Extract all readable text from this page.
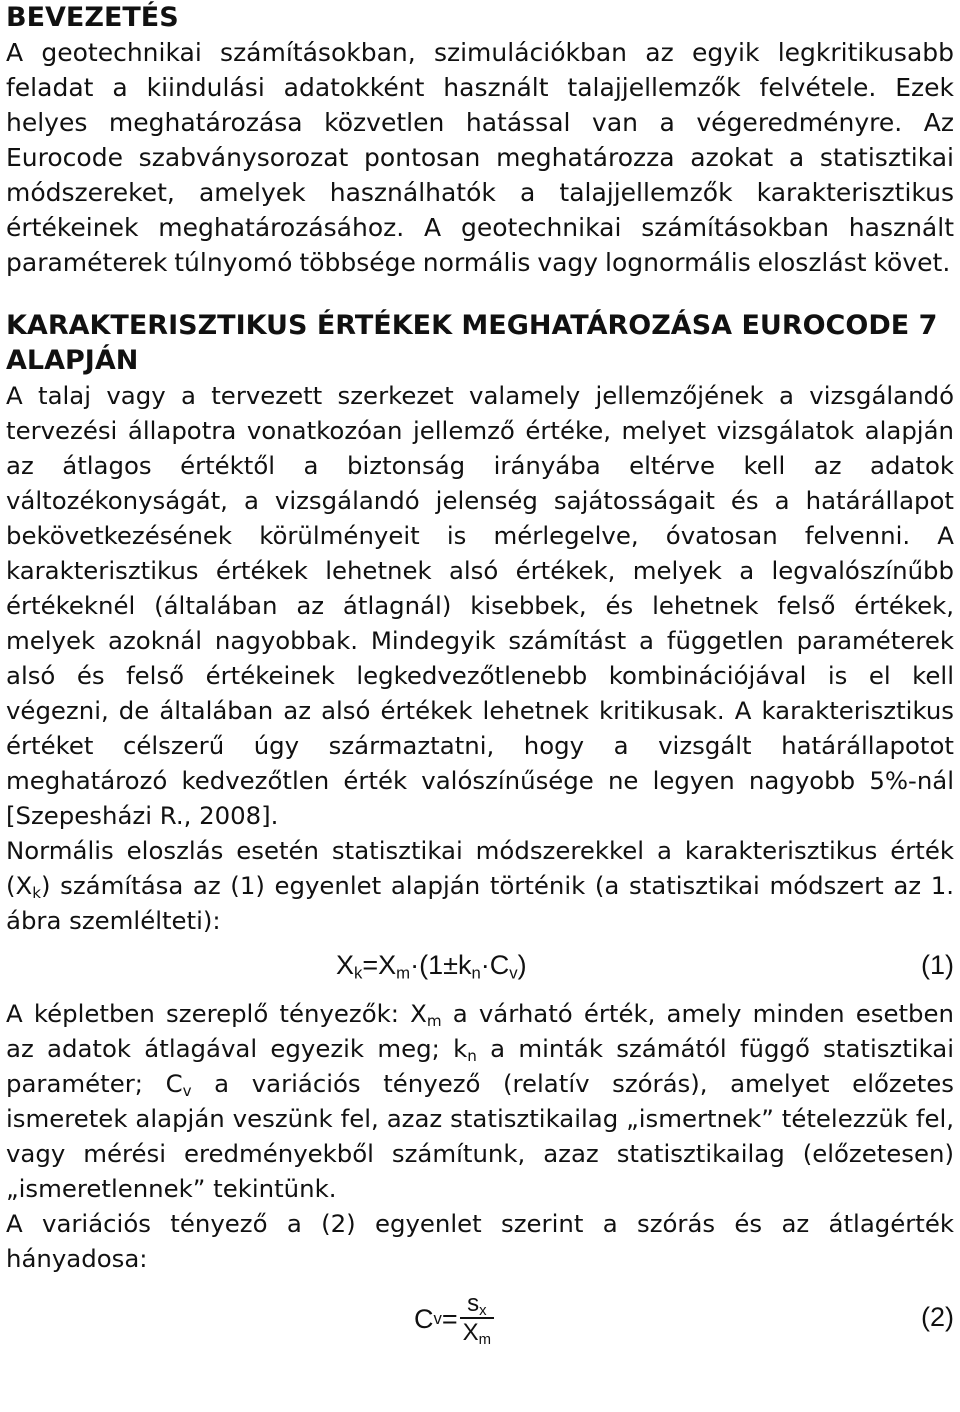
BEVEZETÉS

A geotechnikai számításokban, szimulációkban az egyik legkritikusabb feladat a kiindulási adatokként használt talajjellemzők felvétele. Ezek helyes meghatározása közvetlen hatással van a végeredményre. Az Eurocode szabványsorozat pontosan meghatározza azokat a statisztikai módszereket, amelyek használhatók a talajjellemzők karakterisztikus értékeinek meghatározásához. A geotechnikai számításokban használt paraméterek túlnyomó többsége normális vagy lognormális eloszlást követ.

KARAKTERISZTIKUS ÉRTÉKEK MEGHATÁROZÁSA EUROCODE 7 ALAPJÁN

A talaj vagy a tervezett szerkezet valamely jellemzőjének a vizsgálandó tervezési állapotra vonatkozóan jellemző értéke, melyet vizsgálatok alapján az átlagos értéktől a biztonság irányába eltérve kell az adatok változékonyságát, a vizsgálandó jelenség sajátosságait és a határállapot bekövetkezésének körülményeit is mérlegelve, óvatosan felvenni. A karakterisztikus értékek lehetnek alsó értékek, melyek a legvalószínűbb értékeknél (általában az átlagnál) kisebbek, és lehetnek felső értékek, melyek azoknál nagyobbak. Mindegyik számítást a független paraméterek alsó és felső értékeinek legkedvezőtlenebb kombinációjával is el kell végezni, de általában az alsó értékek lehetnek kritikusak. A karakterisztikus értéket célszerű úgy származtatni, hogy a vizsgált határállapotot meghatározó kedvezőtlen érték valószínűsége ne legyen nagyobb 5%-nál [Szepesházi R., 2008].

Normális eloszlás esetén statisztikai módszerekkel a karakterisztikus érték $(X_k)$ számítása az (1) egyenlet alapján történik (a statisztikai módszert az 1. ábra szemlélteti):

$X_k=X_m\cdot(1\pm k_n\cdot C_v)$	(1)

A képletben szereplő tényezők: $X_m$ a várható érték, amely minden esetben az adatok átlagával egyezik meg; $k_n$ a minták számától függő statisztikai paraméter; $C_v$ a variációs tényező (relatív szórás), amelyet előzetes ismeretek alapján veszünk fel, azaz statisztikailag „ismertnek” tételezzük fel, vagy mérési eredményekből számítunk, azaz statisztikailag (előzetesen) „ismeretlennek” tekintünk.

A variációs tényező a (2) egyenlet szerint a szórás és az átlagérték hányadosa:

C $v = \frac{s_x}{X_m}$	(2)
